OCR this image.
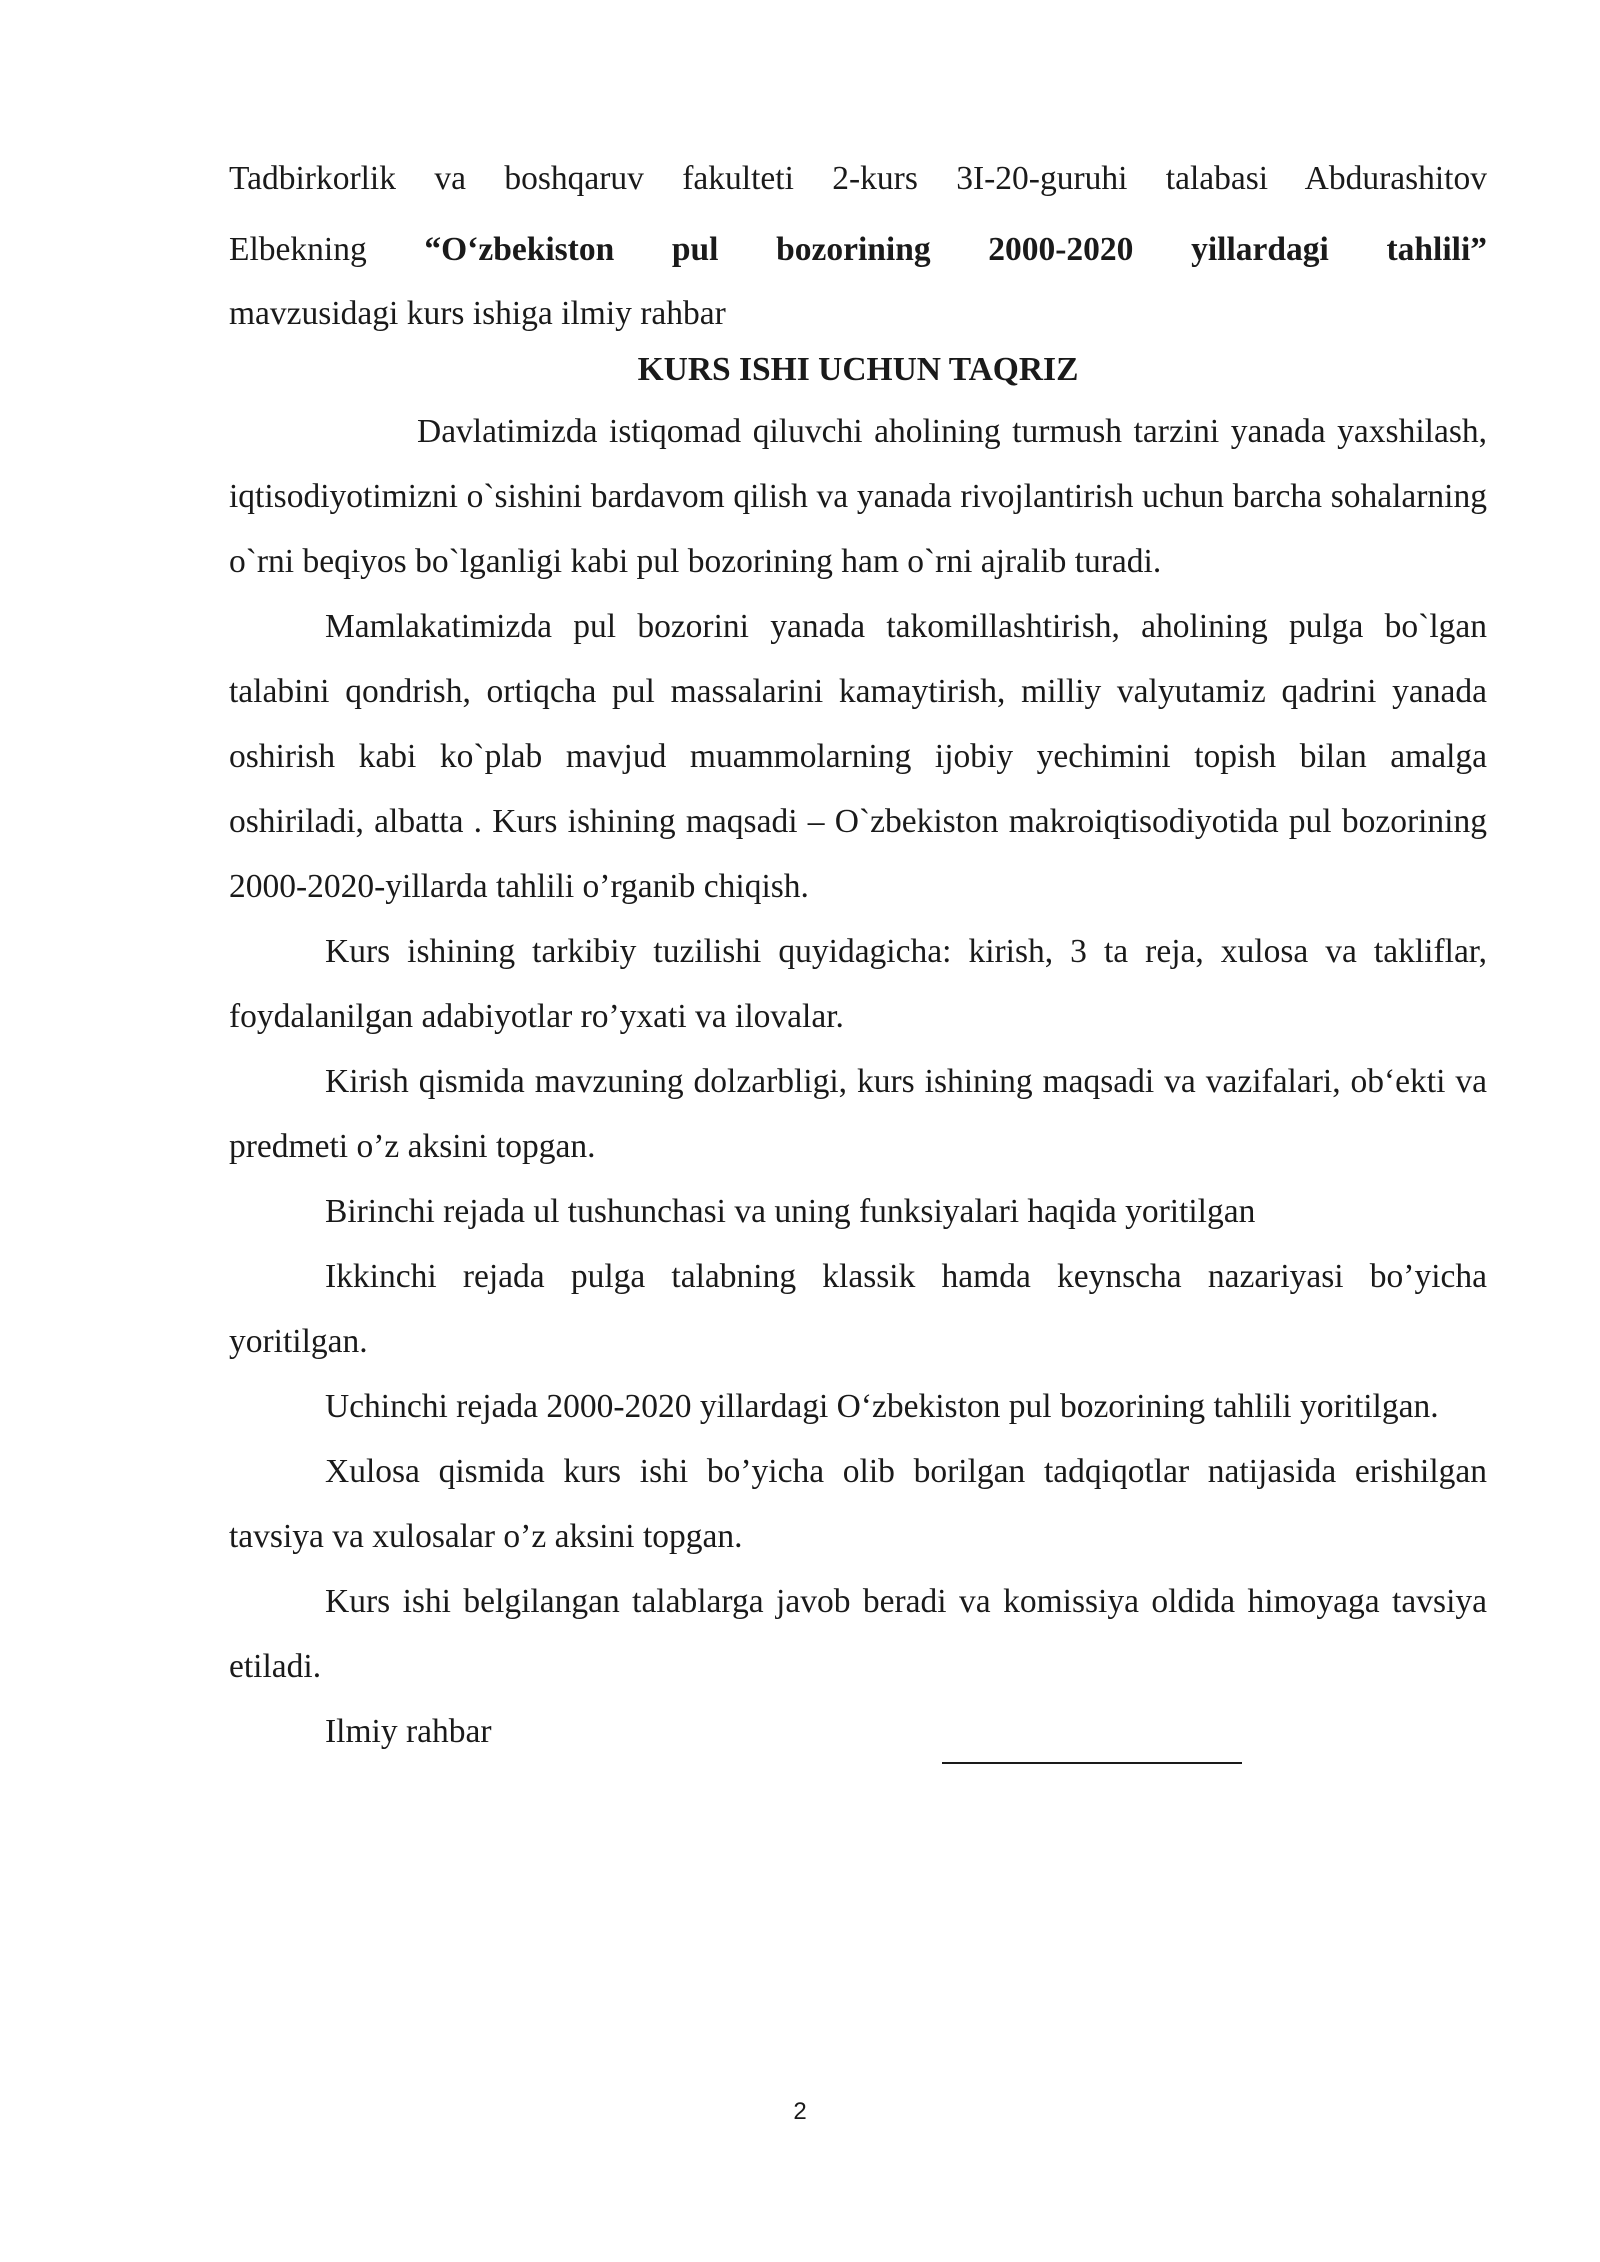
Tadbirkorlik va boshqaruv fakulteti 2-kurs 3I-20-guruhi talabasi Abdurashitov
Elbekning “O‘zbekiston pul bozorining 2000-2020 yillardagi tahlili”
mavzusidagi kurs ishiga ilmiy rahbar

KURS ISHI UCHUN TAQRIZ

Davlatimizda istiqomad qiluvchi aholining turmush tarzini yanada yaxshilash, iqtisodiyotimizni o`sishini bardavom qilish va yanada rivojlantirish uchun barcha sohalarning o`rni beqiyos bo`lganligi kabi pul bozorining ham o`rni ajralib turadi.

Mamlakatimizda pul bozorini yanada takomillashtirish, aholining pulga bo`lgan talabini qondrish, ortiqcha pul massalarini kamaytirish, milliy valyutamiz qadrini yanada oshirish kabi ko`plab mavjud muammolarning ijobiy yechimini topish bilan amalga oshiriladi, albatta . Kurs ishining maqsadi – O`zbekiston makroiqtisodiyotida pul bozorining 2000-2020-yillarda tahlili o’rganib chiqish.

Kurs ishining tarkibiy tuzilishi quyidagicha: kirish, 3 ta reja, xulosa va takliflar, foydalanilgan adabiyotlar ro’yxati va ilovalar.

Kirish qismida mavzuning dolzarbligi, kurs ishining maqsadi va vazifalari, ob‘ekti va predmeti o’z aksini topgan.

Birinchi rejada ul tushunchasi va uning funksiyalari haqida yoritilgan

Ikkinchi rejada pulga talabning klassik hamda keynscha nazariyasi bo’yicha yoritilgan.

Uchinchi rejada 2000-2020 yillardagi O‘zbekiston pul bozorining tahlili yoritilgan.

Xulosa qismida kurs ishi bo’yicha olib borilgan tadqiqotlar natijasida erishilgan tavsiya va xulosalar o’z aksini topgan.

Kurs ishi belgilangan talablarga javob beradi va komissiya oldida himoyaga tavsiya etiladi.

Ilmiy rahbar
2
